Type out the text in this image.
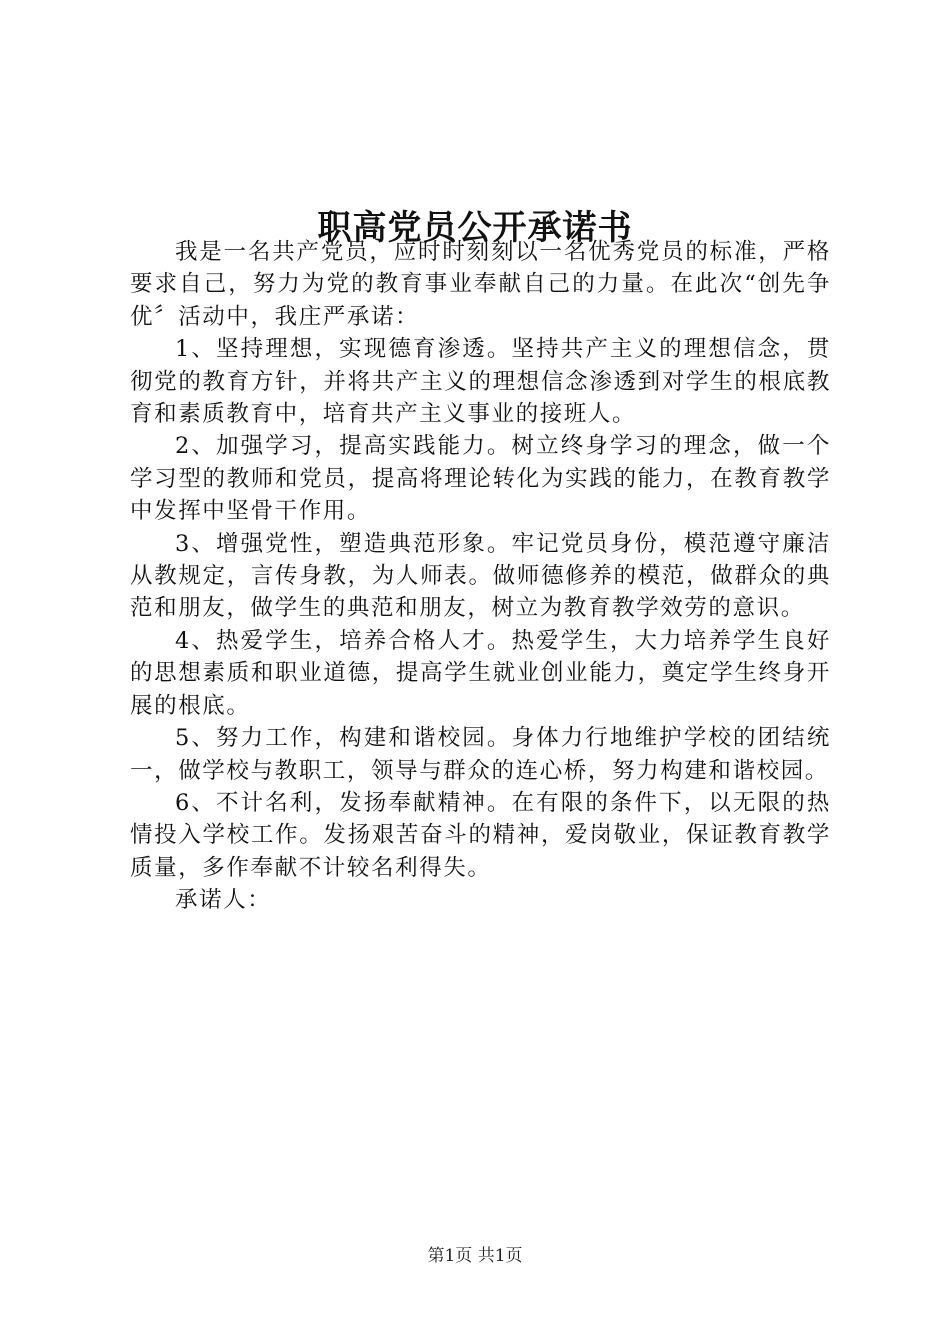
职高党员公开承诺书

我是一名共产党员，应时时刻刻以一名优秀党员的标准，严格要求自己，努力为党的教育事业奉献自己的力量。在此次“创先争优〞活动中，我庄严承诺：

1、坚持理想，实现德育渗透。坚持共产主义的理想信念，贯彻党的教育方针，并将共产主义的理想信念渗透到对学生的根底教育和素质教育中，培育共产主义事业的接班人。

2、加强学习，提高实践能力。树立终身学习的理念，做一个学习型的教师和党员，提高将理论转化为实践的能力，在教育教学中发挥中坚骨干作用。

3、增强党性，塑造典范形象。牢记党员身份，模范遵守廉洁从教规定，言传身教，为人师表。做师德修养的模范，做群众的典范和朋友，做学生的典范和朋友，树立为教育教学效劳的意识。

4、热爱学生，培养合格人才。热爱学生，大力培养学生良好的思想素质和职业道德，提高学生就业创业能力，奠定学生终身开展的根底。

5、努力工作，构建和谐校园。身体力行地维护学校的团结统一，做学校与教职工，领导与群众的连心桥，努力构建和谐校园。

6、不计名利，发扬奉献精神。在有限的条件下，以无限的热情投入学校工作。发扬艰苦奋斗的精神，爱岗敬业，保证教育教学质量，多作奉献不计较名利得失。

承诺人：

第1页 共1页
